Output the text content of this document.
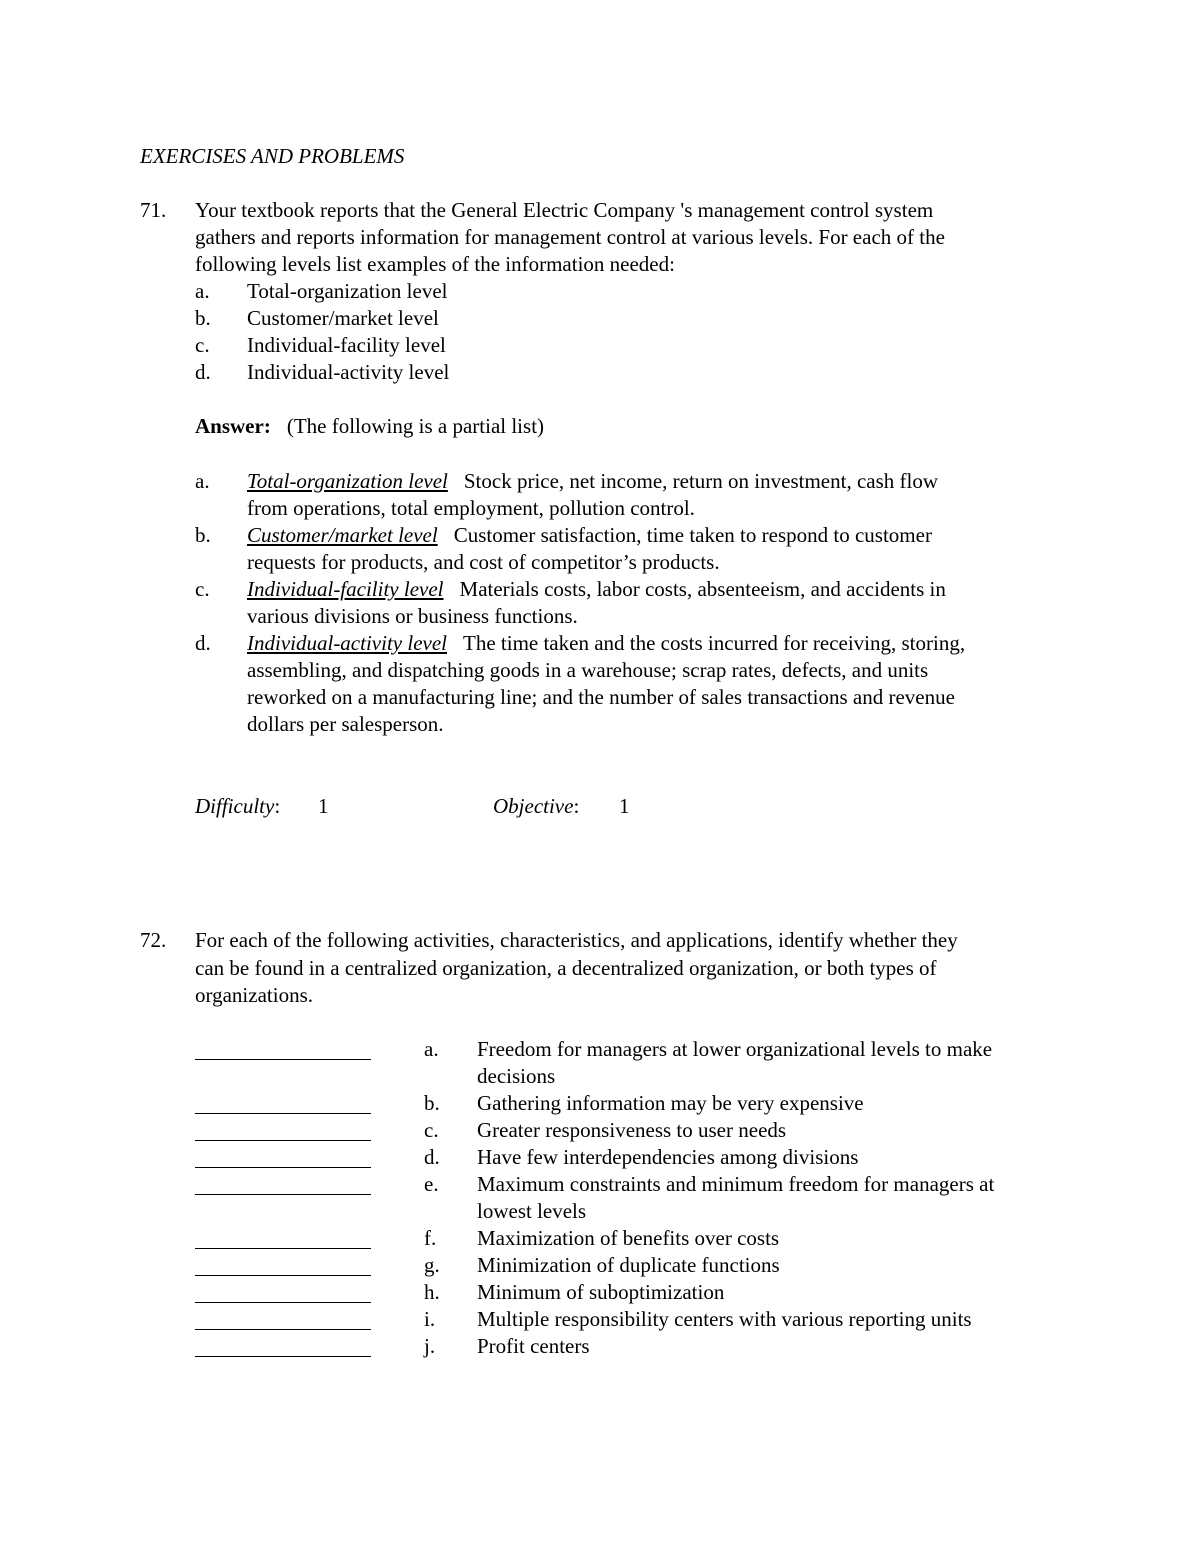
EXERCISES AND PROBLEMS
71. Your textbook reports that the General Electric Company 's management control system
gathers and reports information for management control at various levels. For each of the
following levels list examples of the information needed:
a. Total-organization level
b. Customer/market level
c. Individual-facility level
d. Individual-activity level
Answer: (The following is a partial list)
a. Total-organization level Stock price, net income, return on investment, cash flow
from operations, total employment, pollution control.
b. Customer/market level Customer satisfaction, time taken to respond to customer
requests for products, and cost of competitor’s products.
c. Individual-facility level Materials costs, labor costs, absenteeism, and accidents in
various divisions or business functions.
d. Individual-activity level The time taken and the costs incurred for receiving, storing,
assembling, and dispatching goods in a warehouse; scrap rates, defects, and units
reworked on a manufacturing line; and the number of sales transactions and revenue
dollars per salesperson.
Difficulty: 1	Objective: 1
72. For each of the following activities, characteristics, and applications, identify whether they
can be found in a centralized organization, a decentralized organization, or both types of
organizations.
a. Freedom for managers at lower organizational levels to make
decisions
b. Gathering information may be very expensive
c. Greater responsiveness to user needs
d. Have few interdependencies among divisions
e. Maximum constraints and minimum freedom for managers at
lowest levels
f. Maximization of benefits over costs
g. Minimization of duplicate functions
h. Minimum of suboptimization
i. Multiple responsibility centers with various reporting units
j. Profit centers
